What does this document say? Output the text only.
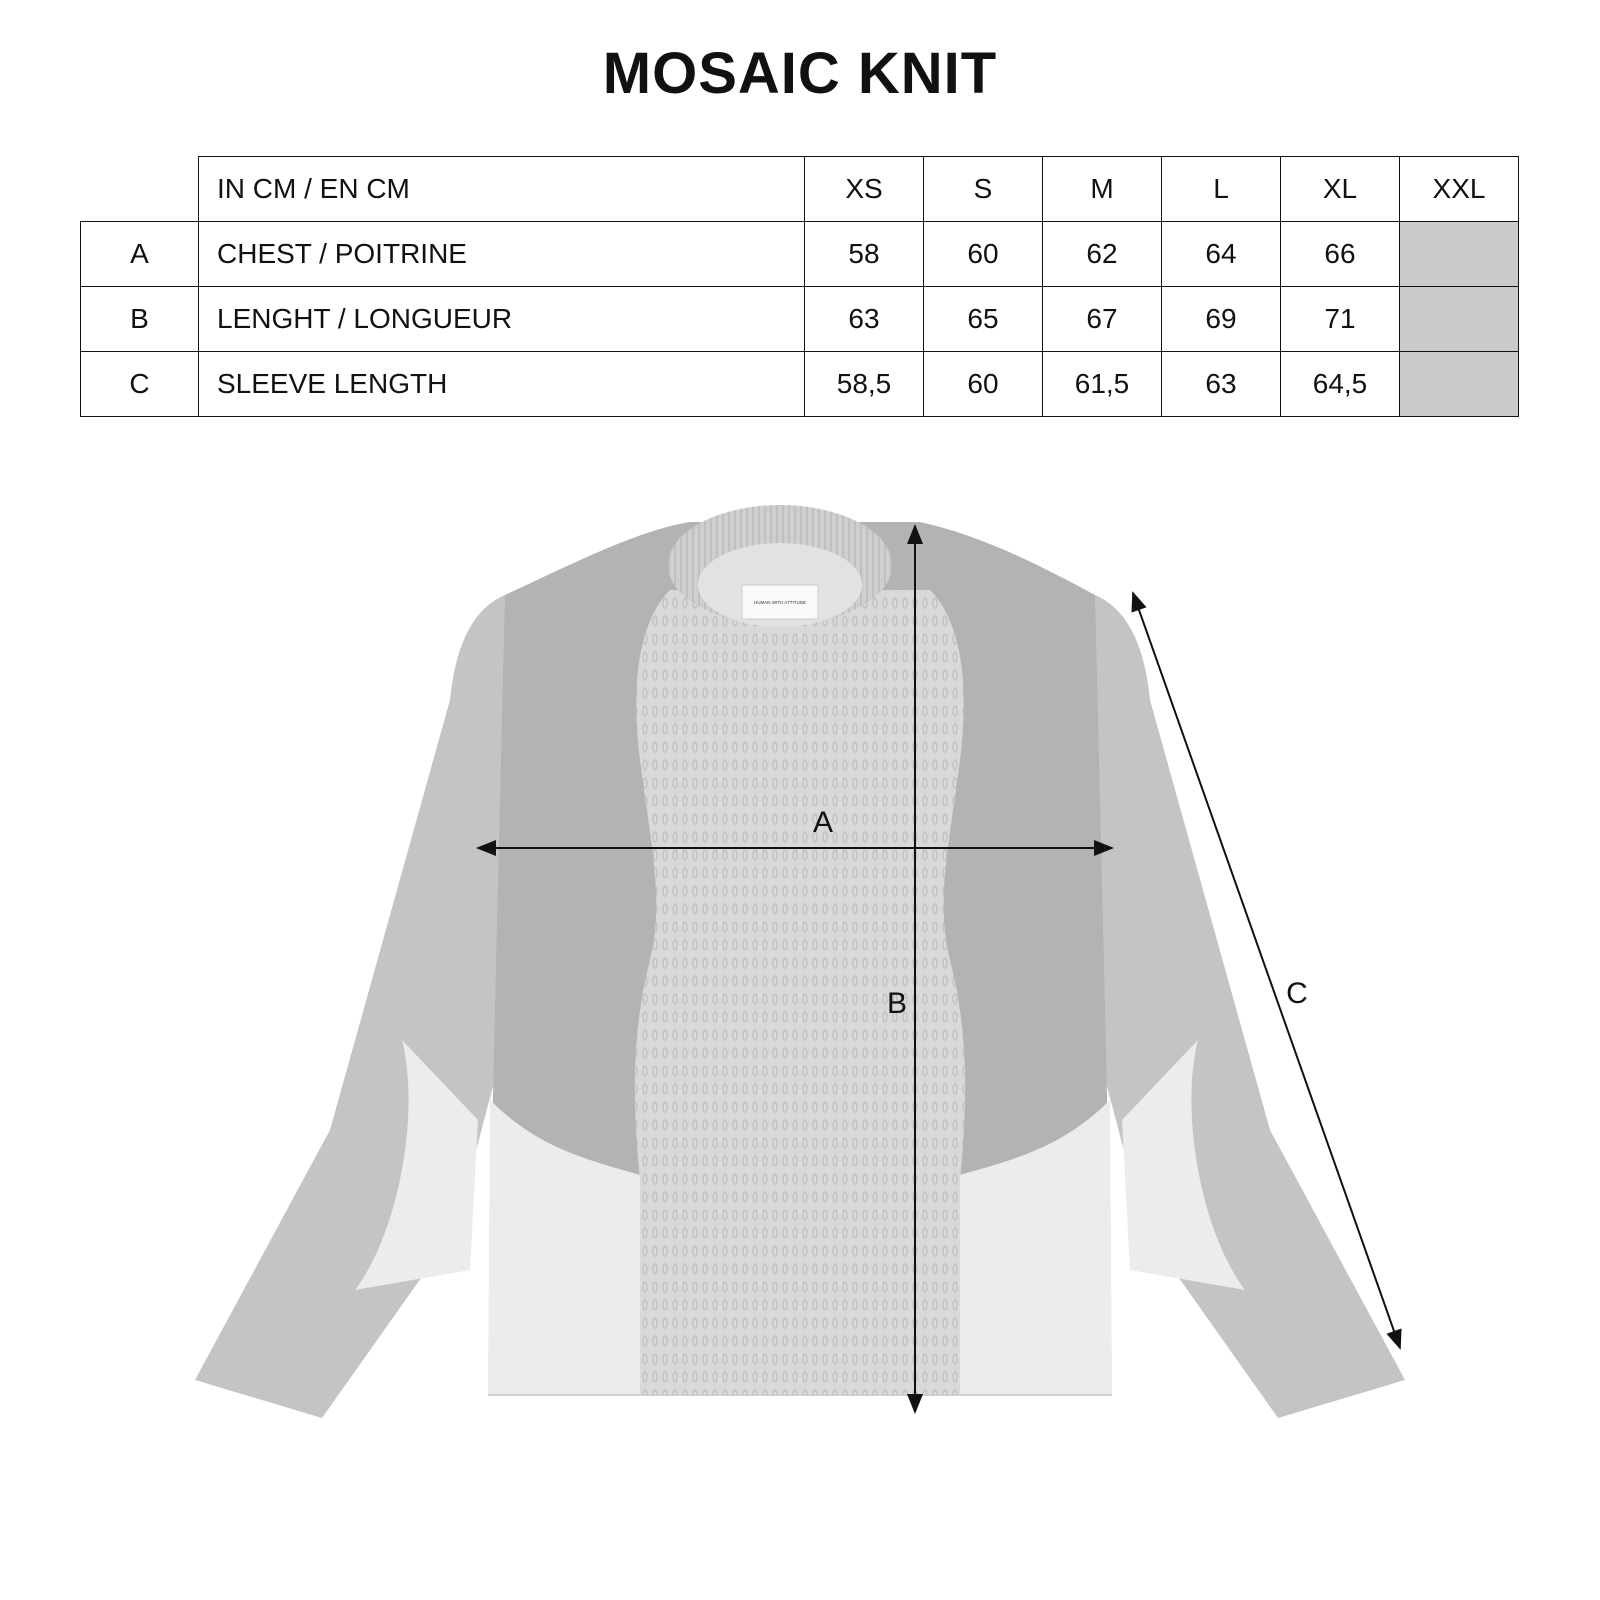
MOSAIC KNIT
	IN CM / EN CM	XS	S	M	L	XL	XXL
A	CHEST / POITRINE	58	60	62	64	66	
B	LENGHT / LONGUEUR	63	65	67	69	71	
C	SLEEVE LENGTH	58,5	60	61,5	63	64,5	
HUMAN WITH ATTITUDE
A
B	C
